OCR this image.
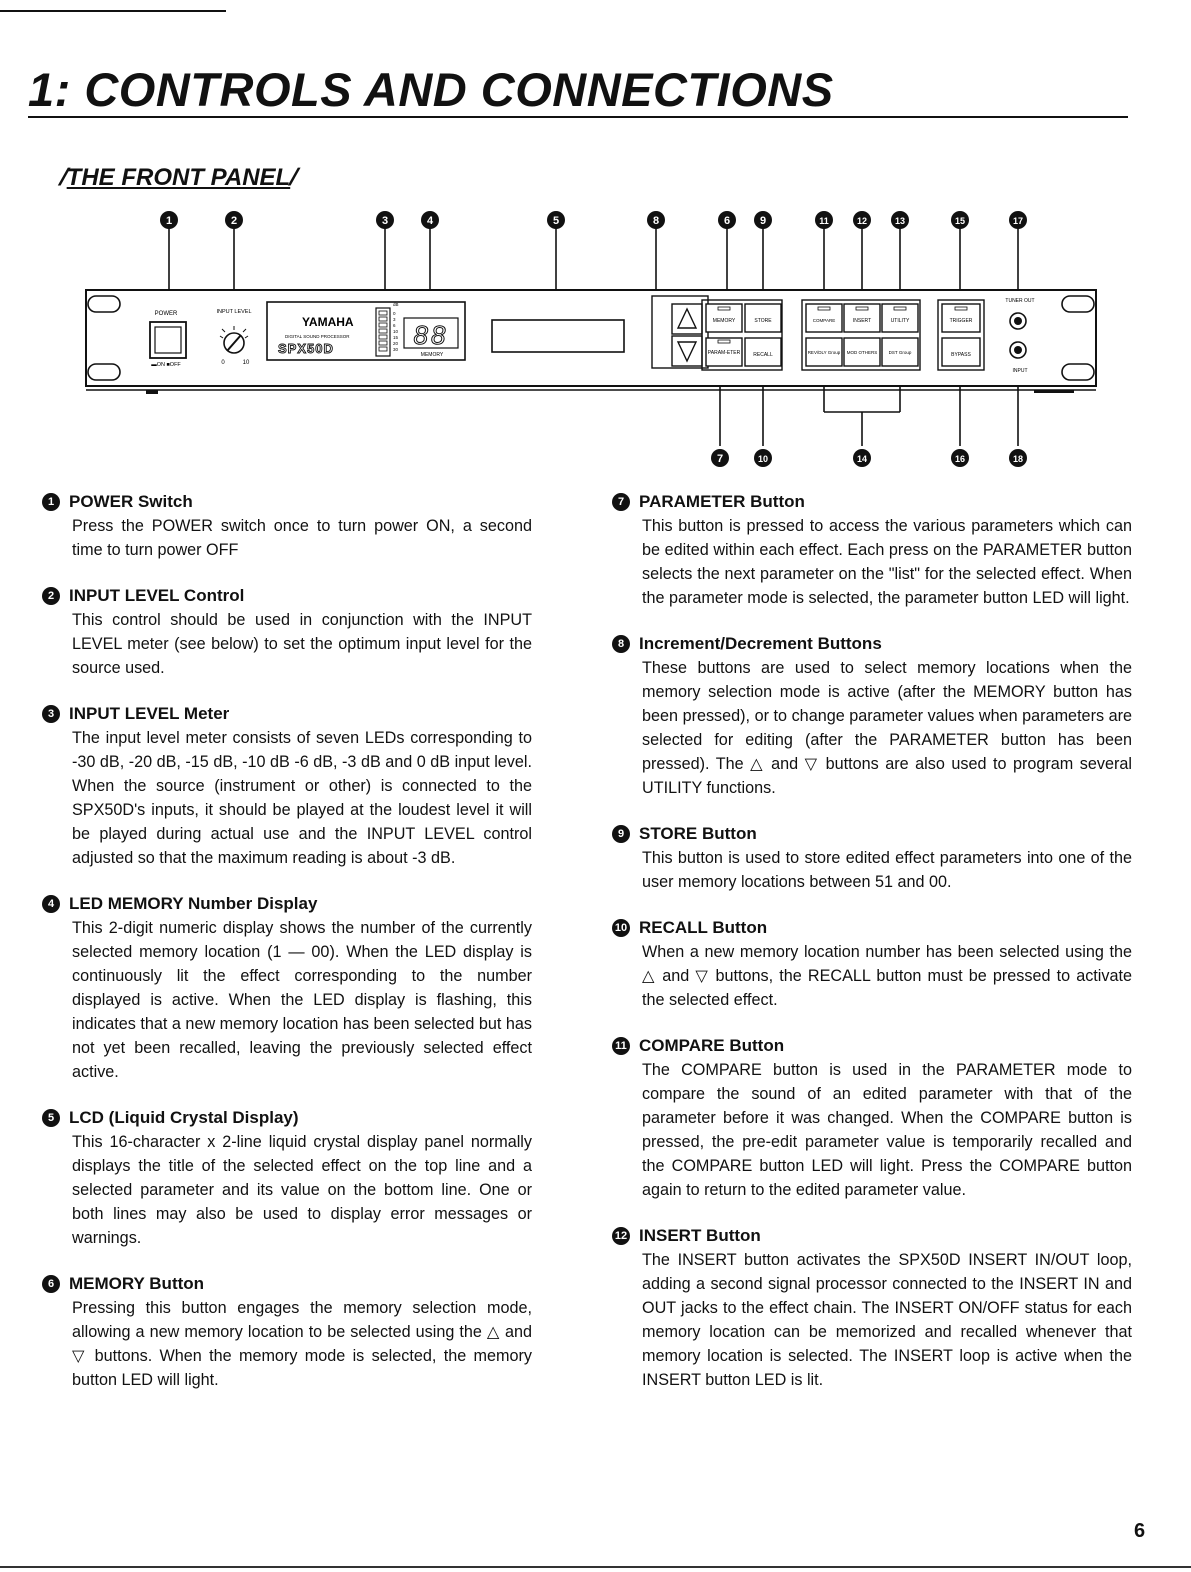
1: CONTROLS AND CONNECTIONS
/THE FRONT PANEL/
1	2	3	4	5	8	6	9	11	12	13	15	17
7	10	14	16	18
POWER
▬ON ■OFF
INPUT LEVEL
0	10
YAMAHA
DIGITAL SOUND PROCESSOR
SPX50D
dB
0
3
6
10
15
20
30 88
MEMORY
MEMORY	STORE
PARAM-ETER	RECALL
COMPARE	INSERT	UTILITY
REV/DLY Group MOD OTHERS	DST Group
TRIGGER
BYPASS
TUNER OUT
INPUT
1 POWER Switch

Press the POWER switch once to turn power ON, a second time to turn power OFF

2 INPUT LEVEL Control

This control should be used in conjunction with the INPUT LEVEL meter (see below) to set the optimum input level for the source used.

3 INPUT LEVEL Meter

The input level meter consists of seven LEDs corresponding to -30 dB, -20 dB, -15 dB, -10 dB -6 dB, -3 dB and 0 dB input level. When the source (instrument or other) is connected to the SPX50D's inputs, it should be played at the loudest level it will be played during actual use and the INPUT LEVEL control adjusted so that the maximum reading is about -3 dB.

4 LED MEMORY Number Display

This 2-digit numeric display shows the number of the currently selected memory location (1 — 00). When the LED display is continuously lit the effect corresponding to the number displayed is active. When the LED display is flashing, this indicates that a new memory location has been selected but has not yet been recalled, leaving the previously selected effect active.

5 LCD (Liquid Crystal Display)

This 16-character x 2-line liquid crystal display panel normally displays the title of the selected effect on the top line and a selected parameter and its value on the bottom line. One or both lines may also be used to display error messages or warnings.

6 MEMORY Button

Pressing this button engages the memory selection mode, allowing a new memory location to be selected using the △ and ▽ buttons. When the memory mode is selected, the memory button LED will light.

7 PARAMETER Button

This button is pressed to access the various parameters which can be edited within each effect. Each press on the PARAMETER button selects the next parameter on the "list" for the selected effect. When the parameter mode is selected, the parameter button LED will light.

8 Increment/Decrement Buttons

These buttons are used to select memory locations when the memory selection mode is active (after the MEMORY button has been pressed), or to change parameter values when parameters are selected for editing (after the PARAMETER button has been pressed). The △ and ▽ buttons are also used to program several UTILITY functions.

9 STORE Button

This button is used to store edited effect parameters into one of the user memory locations between 51 and 00.

10 RECALL Button

When a new memory location number has been selected using the △ and ▽ buttons, the RECALL button must be pressed to activate the selected effect.

11 COMPARE Button

The COMPARE button is used in the PARAMETER mode to compare the sound of an edited parameter with that of the parameter before it was changed. When the COMPARE button is pressed, the pre-edit parameter value is temporarily recalled and the COMPARE button LED will light. Press the COMPARE button again to return to the edited parameter value.

12 INSERT Button

The INSERT button activates the SPX50D INSERT IN/OUT loop, adding a second signal processor connected to the INSERT IN and OUT jacks to the effect chain. The INSERT ON/OFF status for each memory location can be memorized and recalled whenever that memory location is selected. The INSERT loop is active when the INSERT button LED is lit.

6
